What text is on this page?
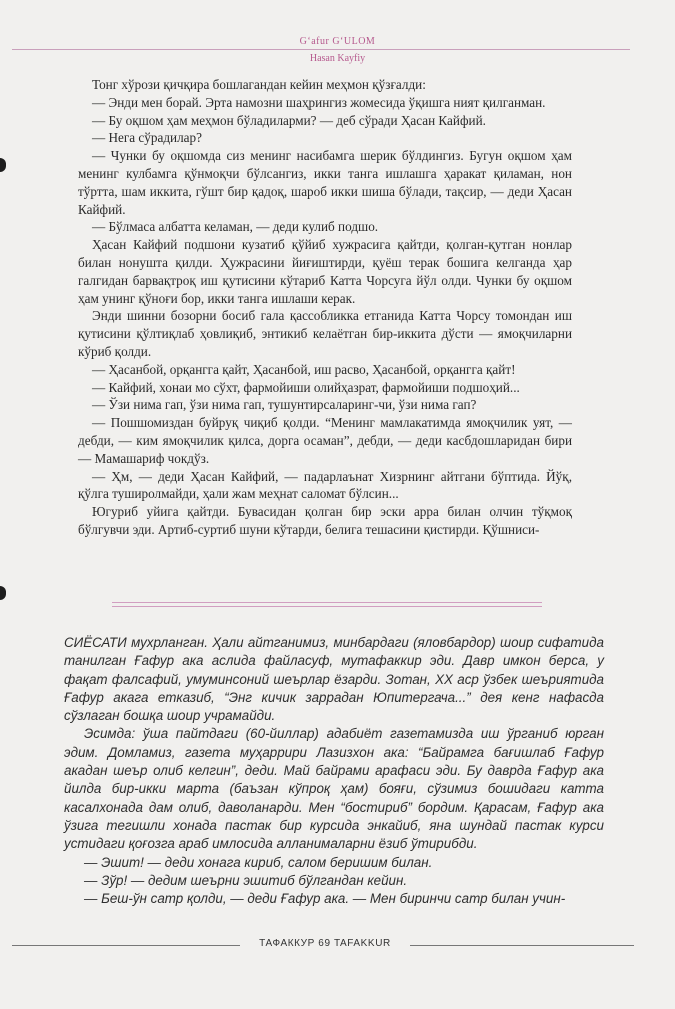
G‘afur G‘ULOM
Hasan Kayfiy

Тонг хўрози қичқира бошлагандан кейин меҳмон қўзғалди:

— Энди мен борай. Эрта намозни шаҳрингиз жомесида ўқишга ният қилганман.

— Бу оқшом ҳам меҳмон бўладиларми? — деб сўради Ҳасан Кайфий.

— Нега сўрадилар?

— Чунки бу оқшомда сиз менинг насибамга шерик бўлдингиз. Бугун оқшом ҳам менинг кулбамга қўнмоқчи бўлсангиз, икки танга ишлашга ҳаракат қиламан, нон тўртта, шам иккита, гўшт бир қадоқ, шароб икки шиша бўлади, тақсир, — деди Ҳасан Кайфий.

— Бўлмаса албатта келаман, — деди кулиб подшо.

Ҳасан Кайфий подшони кузатиб қўйиб хужрасига қайтди, қолган-қутган нонлар билан нонушта қилди. Ҳужрасини йиғиштирди, қуёш терак бошига келганда ҳар галгидан барвақтроқ иш қутисини кўтариб Катта Чорсуга йўл олди. Чунки бу оқшом ҳам унинг қўноғи бор, икки танга ишлаши керак.

Энди шинни бозорни босиб гала қассобликка етганида Катта Чорсу томондан иш қутисини қўлтиқлаб ҳовлиқиб, энтикиб келаётган бир-иккита дўсти — ямоқчиларни кўриб қолди.

— Ҳасанбой, орқангга қайт, Ҳасанбой, иш расво, Ҳасанбой, орқангга қайт!

— Кайфий, хонаи мо сўхт, фармойиши олийҳазрат, фармойиши подшоҳий...

— Ўзи нима гап, ўзи нима гап, тушунтирсаларинг-чи, ўзи нима гап?

— Пошшомиздан буйруқ чиқиб қолди. “Менинг мамлакатимда ямоқчилик уят, — дебди, — ким ямоқчилик қилса, дорга осаман”, дебди, — деди касбдошларидан бири — Мамашариф чокдўз.

— Ҳм, — деди Ҳасан Кайфий, — падарлаънат Хизрнинг айтгани бўптида. Йўқ, қўлга туширолмайди, ҳали жам меҳнат саломат бўлсин...

Югуриб уйига қайтди. Бувасидан қолган бир эски арра билан олчин тўқмоқ бўлгувчи эди. Артиб-суртиб шуни кўтарди, белига тешасини қистирди. Қўшниси-

СИЁСАТИ мухрланган. Ҳали айтганимиз, минбардаги (яловбардор) шоир сифатида танилган Ғафур ака аслида файласуф, мутафаккир эди. Давр имкон берса, у фақат фалсафий, умуминсоний шеърлар ёзарди. Зотан, XX аср ўзбек шеъриятида Ғафур акага етказиб, “Энг кичик заррадан Юпитергача...” дея кенг нафасда сўзлаган бошқа шоир учрамайди.

Эсимда: ўша пайтдаги (60-йиллар) адабиёт газетамизда иш ўрганиб юрган эдим. Домламиз, газета муҳаррири Лазизхон ака: “Байрамга бағишлаб Ғафур акадан шеър олиб келгин”, деди. Май байрами арафаси эди. Бу даврда Ғафур ака йилда бир-икки марта (баъзан кўпроқ ҳам) бояғи, сўзимиз бошидаги катта касалхонада дам олиб, даволанарди. Мен “бостириб” бордим. Қарасам, Ғафур ака ўзига тегишли хонада пастак бир курсида энкайиб, яна шундай пастак курси устидаги қоғозга араб имлосида алланималарни ёзиб ўтирибди.

— Эшит! — деди хонага кириб, салом беришим билан.

— Зўр! — дедим шеърни эшитиб бўлгандан кейин.

— Беш-ўн сатр қолди, — деди Ғафур ака. — Мен биринчи сатр билан учин-

ТАФАККУР 69 TAFAKKUR
